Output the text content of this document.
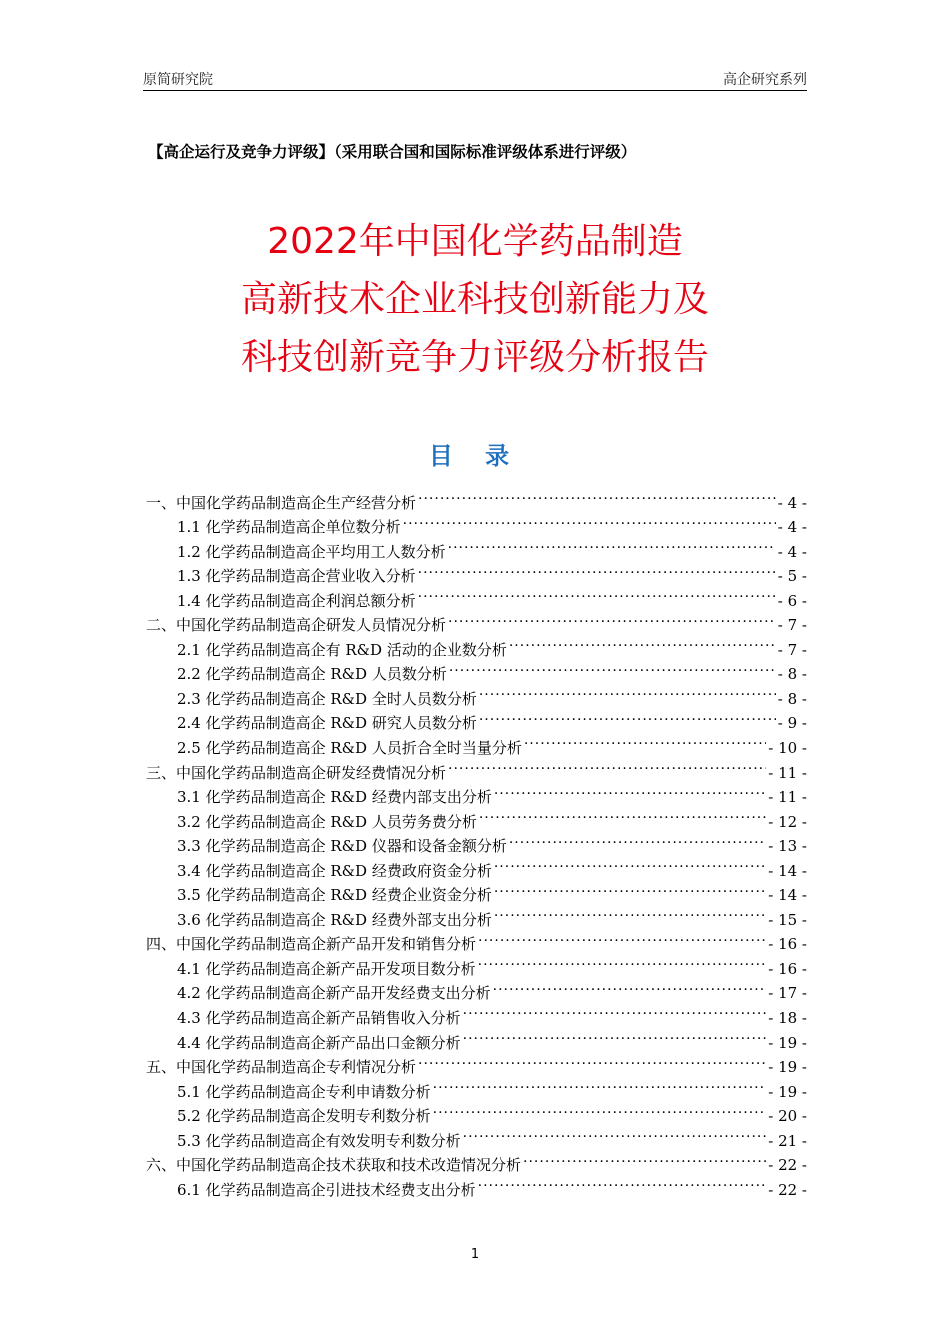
原简研究院	高企研究系列
【高企运行及竞争力评级】（采用联合国和国际标准评级体系进行评级）
2022年中国化学药品制造
高新技术企业科技创新能力及
科技创新竞争力评级分析报告
目 录
一、中国化学药品制造高企生产经营分析 .....	- 4 -
1.1 化学药品制造高企单位数分析 .....	- 4 -
1.2 化学药品制造高企平均用工人数分析 .....	- 4 -
1.3 化学药品制造高企营业收入分析 .....	- 5 -
1.4 化学药品制造高企利润总额分析 .....	- 6 -
二、中国化学药品制造高企研发人员情况分析 .....	- 7 -
2.1 化学药品制造高企有 R&D 活动的企业数分析 .....	- 7 -
2.2 化学药品制造高企 R&D 人员数分析 .....	- 8 -
2.3 化学药品制造高企 R&D 全时人员数分析 .....	- 8 -
2.4 化学药品制造高企 R&D 研究人员数分析 .....	- 9 -
2.5 化学药品制造高企 R&D 人员折合全时当量分析 .....	- 10 -
三、中国化学药品制造高企研发经费情况分析 .....	- 11 -
3.1 化学药品制造高企 R&D 经费内部支出分析 .....	- 11 -
3.2 化学药品制造高企 R&D 人员劳务费分析 .....	- 12 -
3.3 化学药品制造高企 R&D 仪器和设备金额分析 .....	- 13 -
3.4 化学药品制造高企 R&D 经费政府资金分析 .....	- 14 -
3.5 化学药品制造高企 R&D 经费企业资金分析 .....	- 14 -
3.6 化学药品制造高企 R&D 经费外部支出分析 .....	- 15 -
四、中国化学药品制造高企新产品开发和销售分析 .....	- 16 -
4.1 化学药品制造高企新产品开发项目数分析 .....	- 16 -
4.2 化学药品制造高企新产品开发经费支出分析 .....	- 17 -
4.3 化学药品制造高企新产品销售收入分析 .....	- 18 -
4.4 化学药品制造高企新产品出口金额分析 .....	- 19 -
五、中国化学药品制造高企专利情况分析 .....	- 19 -
5.1 化学药品制造高企专利申请数分析 .....	- 19 -
5.2 化学药品制造高企发明专利数分析 .....	- 20 -
5.3 化学药品制造高企有效发明专利数分析 .....	- 21 -
六、中国化学药品制造高企技术获取和技术改造情况分析 .....	- 22 -
6.1 化学药品制造高企引进技术经费支出分析 .....	- 22 -
1
